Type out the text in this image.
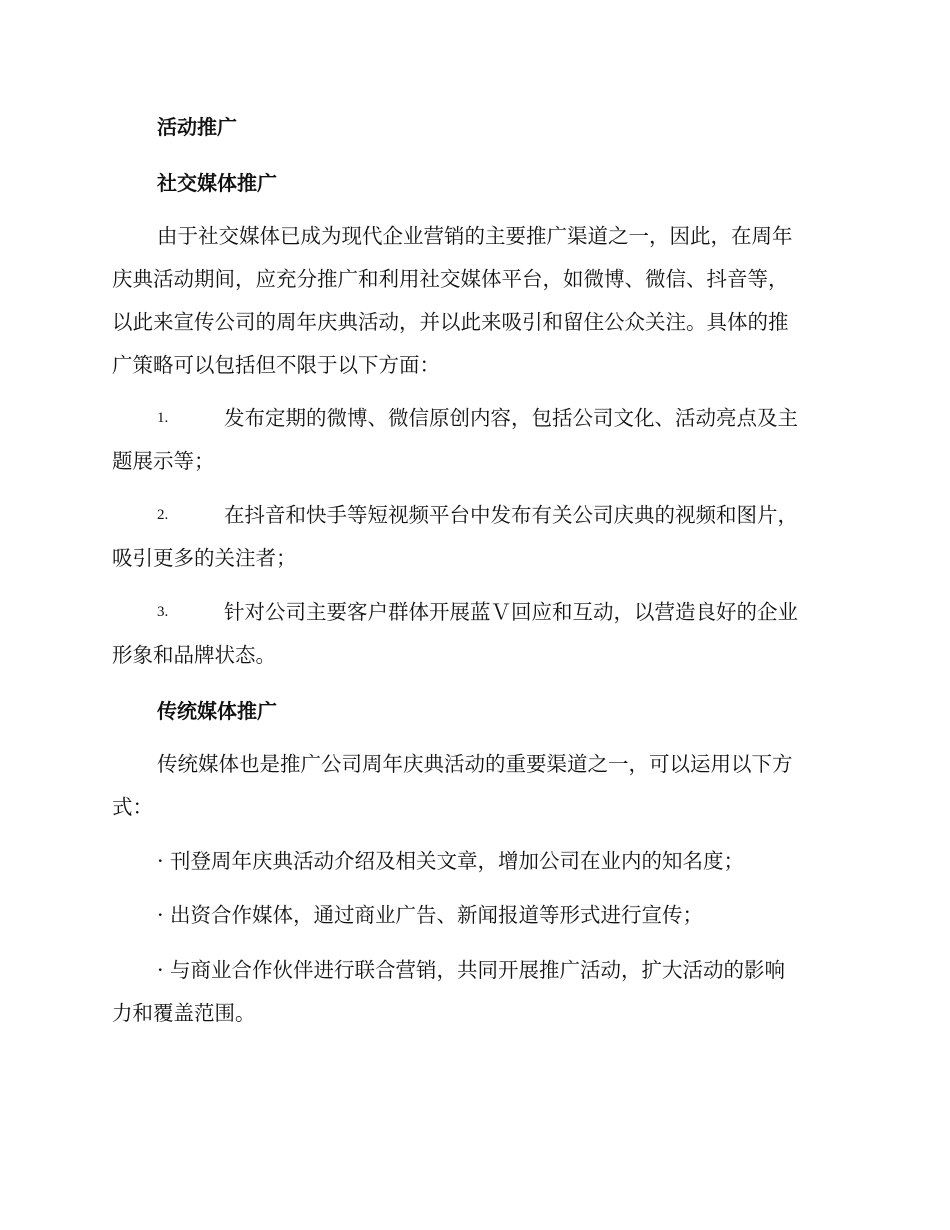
活动推广
社交媒体推广
由于社交媒体已成为现代企业营销的主要推广渠道之一，因此，在周年
庆典活动期间，应充分推广和利用社交媒体平台，如微博、微信、抖音等，
以此来宣传公司的周年庆典活动，并以此来吸引和留住公众关注。具体的推
广策略可以包括但不限于以下方面：
1.	发布定期的微博、微信原创内容，包括公司文化、活动亮点及主
题展示等；
2.	在抖音和快手等短视频平台中发布有关公司庆典的视频和图片，
吸引更多的关注者；
3.	针对公司主要客户群体开展蓝Ｖ回应和互动，以营造良好的企业
形象和品牌状态。
传统媒体推广
传统媒体也是推广公司周年庆典活动的重要渠道之一，可以运用以下方
式：
· 刊登周年庆典活动介绍及相关文章，增加公司在业内的知名度；
· 出资合作媒体，通过商业广告、新闻报道等形式进行宣传；
· 与商业合作伙伴进行联合营销，共同开展推广活动，扩大活动的影响
力和覆盖范围。
